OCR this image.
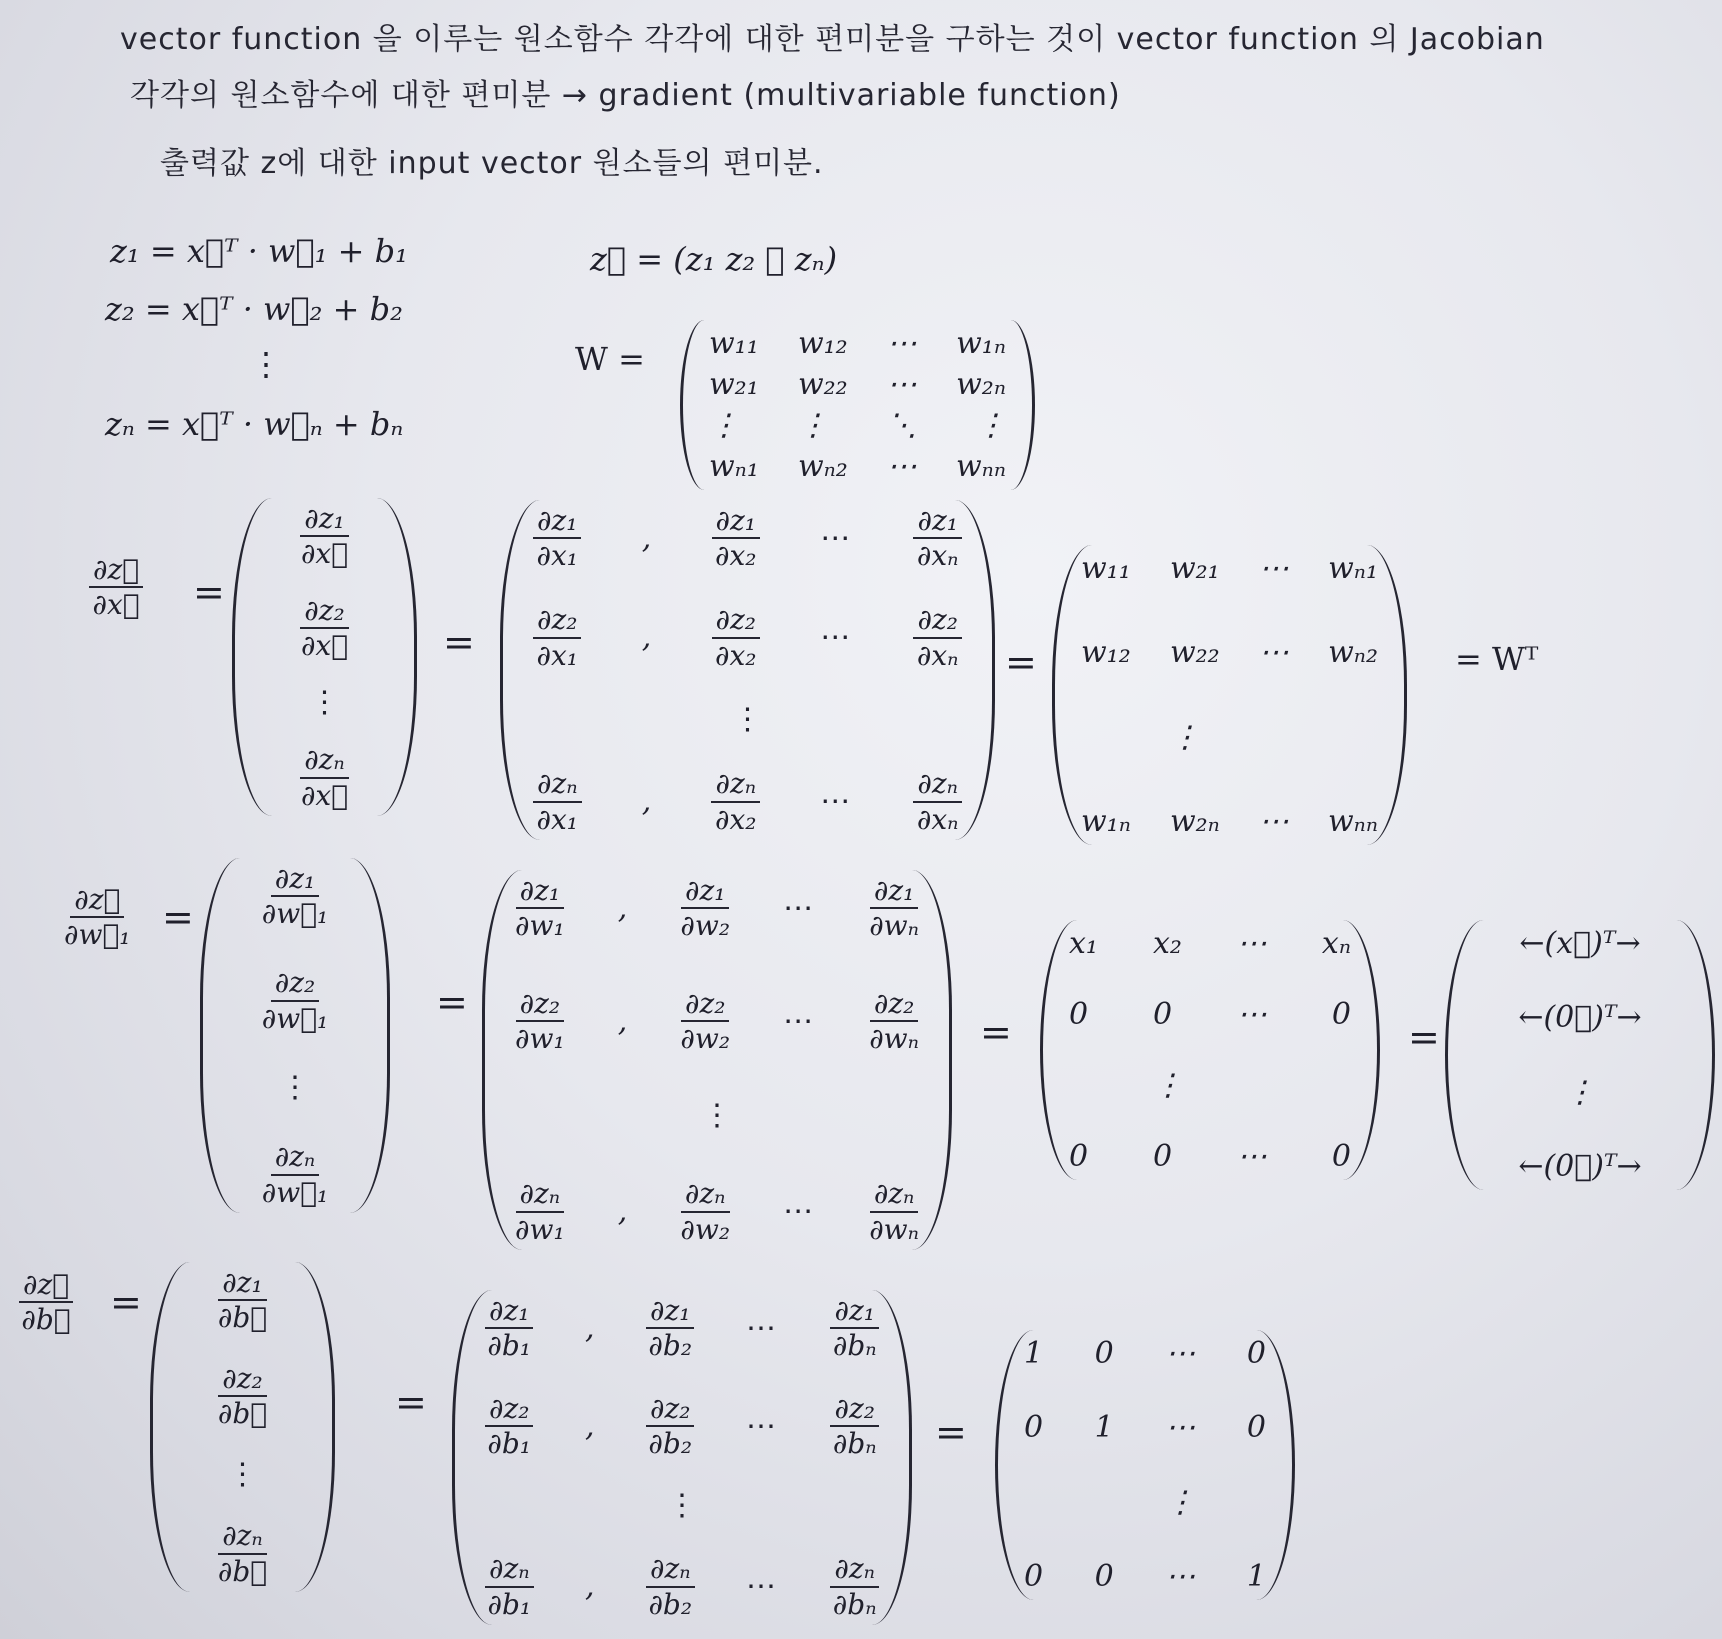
vector function 을 이루는 원소함수 각각에 대한 편미분을 구하는 것이 vector function 의 Jacobian
각각의 원소함수에 대한 편미분 → gradient (multivariable function)
출력값 z에 대한 input vector 원소들의 편미분.
z₁ = x⃗ᵀ · w⃗₁ + b₁
z₂ = x⃗ᵀ · w⃗₂ + b₂
⋮
zₙ = x⃗ᵀ · w⃗ₙ + bₙ
z⃗ = (z₁ z₂ ⋯ zₙ)
W = w₁₁ w₁₂ ⋯ w₁ₙ
w₂₁ w₂₂ ⋯ w₂ₙ
⋮ ⋮ ⋱ ⋮
wₙ₁ wₙ₂ ⋯ wₙₙ
$\frac{\partial z⃗}{\partial x⃗}$ =
$\frac{\text{∂z₁}}{\partial x⃗}$
$\frac{\text{∂z₂}}{\partial x⃗}$
⋮
$\frac{\text{∂zₙ}}{\partial x⃗}$
=
$\frac{\text{∂z₁}}{\text{∂x₁}}$ , $\frac{\text{∂z₁}}{\text{∂x₂}}$ ⋯ $\frac{\text{∂z₁}}{\text{∂xₙ}}$
$\frac{\text{∂z₂}}{\text{∂x₁}}$ , $\frac{\text{∂z₂}}{\text{∂x₂}}$ ⋯ $\frac{\text{∂z₂}}{\text{∂xₙ}}$
⋮
$\frac{\text{∂zₙ}}{\text{∂x₁}}$ , $\frac{\text{∂zₙ}}{\text{∂x₂}}$ ⋯ $\frac{\text{∂zₙ}}{\text{∂xₙ}}$
=
w₁₁ w₂₁ ⋯ wₙ₁
w₁₂ w₂₂ ⋯ wₙ₂
⋮
w₁ₙ w₂ₙ ⋯ wₙₙ
= Wᵀ
$\frac{\partial z⃗}{\text{∂w⃗₁}} = \frac{\text{∂z₁}}{\text{∂w⃗₁}}$
$\frac{\text{∂z₂}}{\text{∂w⃗₁}}$
⋮
$\frac{\text{∂zₙ}}{\text{∂w⃗₁}}$
=
$\frac{\text{∂z₁}}{\text{∂w₁}}$ , $\frac{\text{∂z₁}}{\text{∂w₂}}$ ⋯ $\frac{\text{∂z₁}}{\text{∂wₙ}}$
$\frac{\text{∂z₂}}{\text{∂w₁}}$ , $\frac{\text{∂z₂}}{\text{∂w₂}}$ ⋯ $\frac{\text{∂z₂}}{\text{∂wₙ}}$
⋮
$\frac{\text{∂zₙ}}{\text{∂w₁}}$ , $\frac{\text{∂zₙ}}{\text{∂w₂}}$ ⋯ $\frac{\text{∂zₙ}}{\text{∂wₙ}}$
=
x₁ x₂ ⋯ xₙ
0 0 ⋯ 0
⋮
0 0 ⋯ 0
=
←(x⃗)ᵀ→
←(0⃗)ᵀ→
⋮
←(0⃗)ᵀ→
$\frac{\partial z⃗}{\partial b⃗}$ =	$\frac{\text{∂z₁}}{\partial b⃗}$
$\frac{\text{∂z₂}}{\partial b⃗}$
⋮
$\frac{\text{∂zₙ}}{\partial b⃗}$
=
$\frac{\text{∂z₁}}{\text{∂b₁}}$ , $\frac{\text{∂z₁}}{\text{∂b₂}}$ ⋯ $\frac{\text{∂z₁}}{\text{∂bₙ}}$
$\frac{\text{∂z₂}}{\text{∂b₁}}$ , $\frac{\text{∂z₂}}{\text{∂b₂}}$ ⋯ $\frac{\text{∂z₂}}{\text{∂bₙ}}$
⋮
$\frac{\text{∂zₙ}}{\text{∂b₁}}$ , $\frac{\text{∂zₙ}}{\text{∂b₂}}$ ⋯ $\frac{\text{∂zₙ}}{\text{∂bₙ}}$
=
1 0 ⋯ 0
0 1 ⋯ 0
⋮
0 0 ⋯ 1
